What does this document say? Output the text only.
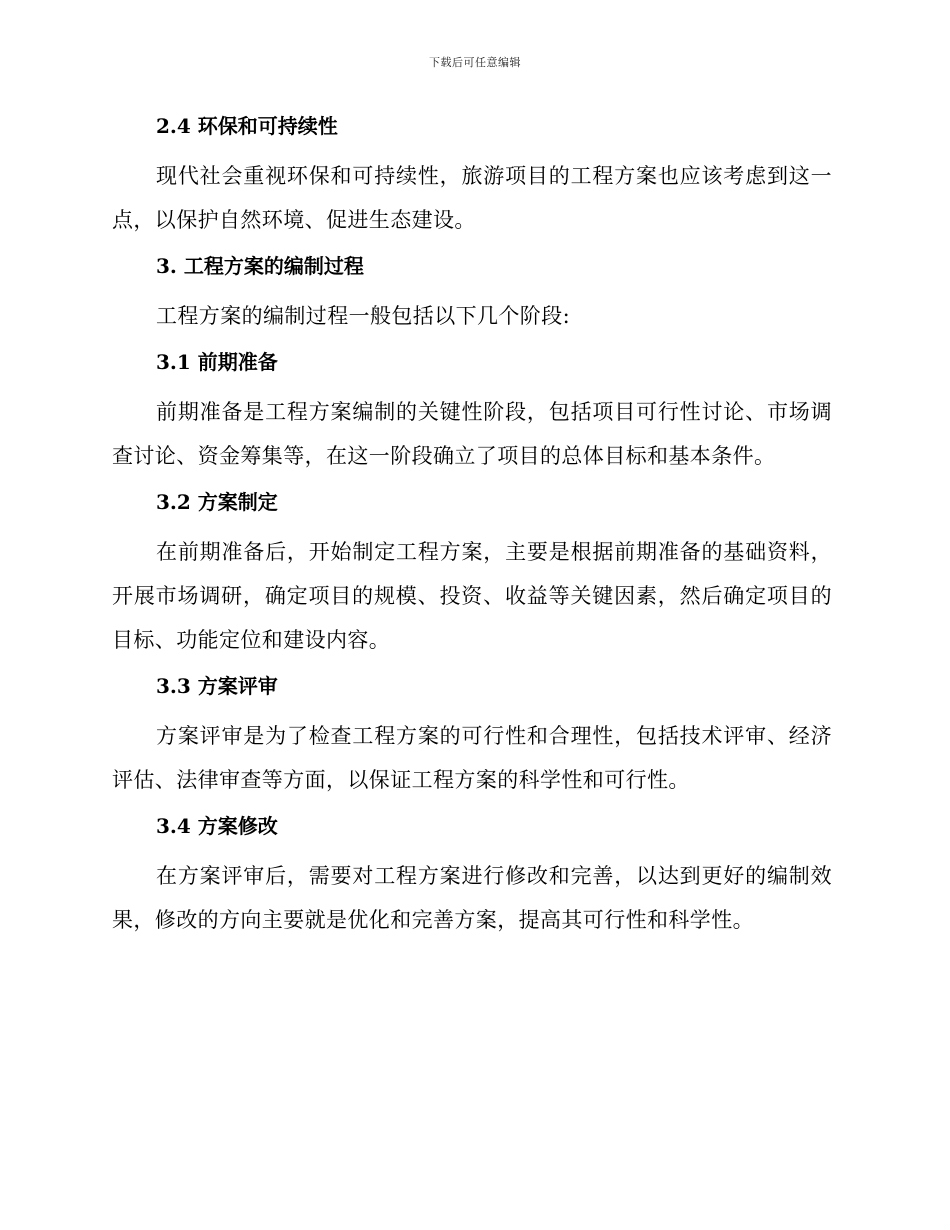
下载后可任意编辑
2.4 环保和可持续性

现代社会重视环保和可持续性，旅游项目的工程方案也应该考虑到这一点，以保护自然环境、促进生态建设。

3. 工程方案的编制过程

工程方案的编制过程一般包括以下几个阶段:

3.1 前期准备

前期准备是工程方案编制的关键性阶段，包括项目可行性讨论、市场调查讨论、资金筹集等，在这一阶段确立了项目的总体目标和基本条件。

3.2 方案制定

在前期准备后，开始制定工程方案，主要是根据前期准备的基础资料，开展市场调研，确定项目的规模、投资、收益等关键因素，然后确定项目的目标、功能定位和建设内容。

3.3 方案评审

方案评审是为了检查工程方案的可行性和合理性，包括技术评审、经济评估、法律审查等方面，以保证工程方案的科学性和可行性。

3.4 方案修改

在方案评审后，需要对工程方案进行修改和完善，以达到更好的编制效果，修改的方向主要就是优化和完善方案，提高其可行性和科学性。
